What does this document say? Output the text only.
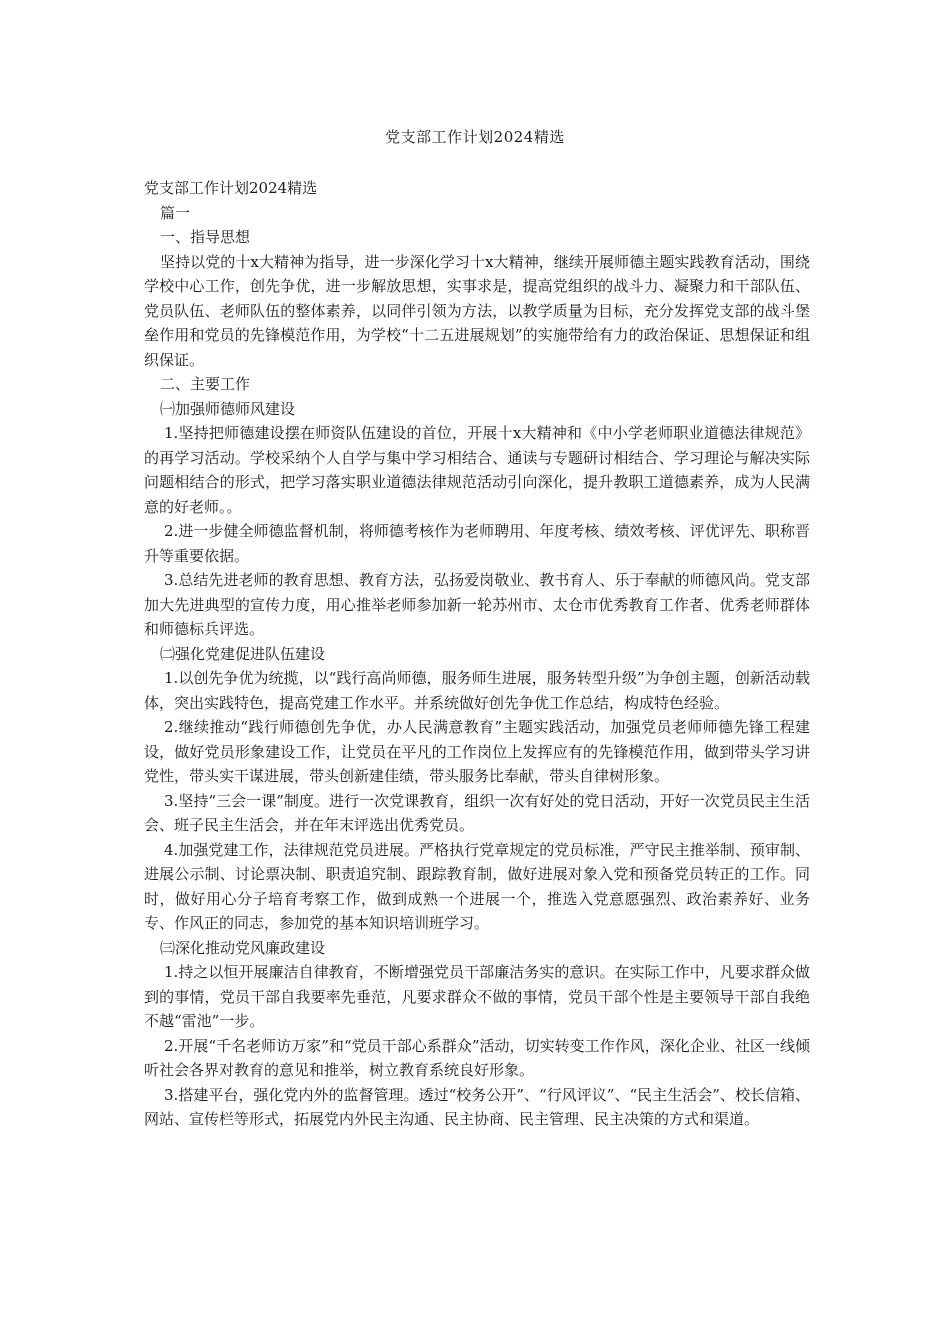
党支部工作计划2024精选

党支部工作计划2024精选

篇一

一、指导思想

坚持以党的十x大精神为指导，进一步深化学习十x大精神，继续开展师德主题实践教育活动，围绕学校中心工作，创先争优，进一步解放思想，实事求是，提高党组织的战斗力、凝聚力和干部队伍、党员队伍、老师队伍的整体素养，以同伴引领为方法，以教学质量为目标，充分发挥党支部的战斗堡垒作用和党员的先锋模范作用，为学校“十二五进展规划”的实施带给有力的政治保证、思想保证和组织保证。

二、主要工作

㈠加强师德师风建设

1.坚持把师德建设摆在师资队伍建设的首位，开展十x大精神和《中小学老师职业道德法律规范》的再学习活动。学校采纳个人自学与集中学习相结合、通读与专题研讨相结合、学习理论与解决实际问题相结合的形式，把学习落实职业道德法律规范活动引向深化，提升教职工道德素养，成为人民满意的好老师。。

2.进一步健全师德监督机制，将师德考核作为老师聘用、年度考核、绩效考核、评优评先、职称晋升等重要依据。

3.总结先进老师的教育思想、教育方法，弘扬爱岗敬业、教书育人、乐于奉献的师德风尚。党支部加大先进典型的宣传力度，用心推举老师参加新一轮苏州市、太仓市优秀教育工作者、优秀老师群体和师德标兵评选。

㈡强化党建促进队伍建设

1.以创先争优为统揽，以“践行高尚师德，服务师生进展，服务转型升级”为争创主题，创新活动载体，突出实践特色，提高党建工作水平。并系统做好创先争优工作总结，构成特色经验。

2.继续推动“践行师德创先争优，办人民满意教育”主题实践活动，加强党员老师师德先锋工程建设，做好党员形象建设工作，让党员在平凡的工作岗位上发挥应有的先锋模范作用，做到带头学习讲党性，带头实干谋进展，带头创新建佳绩，带头服务比奉献，带头自律树形象。

3.坚持“三会一课”制度。进行一次党课教育，组织一次有好处的党日活动，开好一次党员民主生活会、班子民主生活会，并在年末评选出优秀党员。

4.加强党建工作，法律规范党员进展。严格执行党章规定的党员标准，严守民主推举制、预审制、进展公示制、讨论票决制、职责追究制、跟踪教育制，做好进展对象入党和预备党员转正的工作。同时，做好用心分子培育考察工作，做到成熟一个进展一个，推选入党意愿强烈、政治素养好、业务专、作风正的同志，参加党的基本知识培训班学习。

㈢深化推动党风廉政建设

1.持之以恒开展廉洁自律教育，不断增强党员干部廉洁务实的意识。在实际工作中，凡要求群众做到的事情，党员干部自我要率先垂范，凡要求群众不做的事情，党员干部个性是主要领导干部自我绝不越“雷池”一步。

2.开展“千名老师访万家”和“党员干部心系群众”活动，切实转变工作作风，深化企业、社区一线倾听社会各界对教育的意见和推举，树立教育系统良好形象。

3.搭建平台，强化党内外的监督管理。透过“校务公开”、“行风评议”、“民主生活会”、校长信箱、网站、宣传栏等形式，拓展党内外民主沟通、民主协商、民主管理、民主决策的方式和渠道。
